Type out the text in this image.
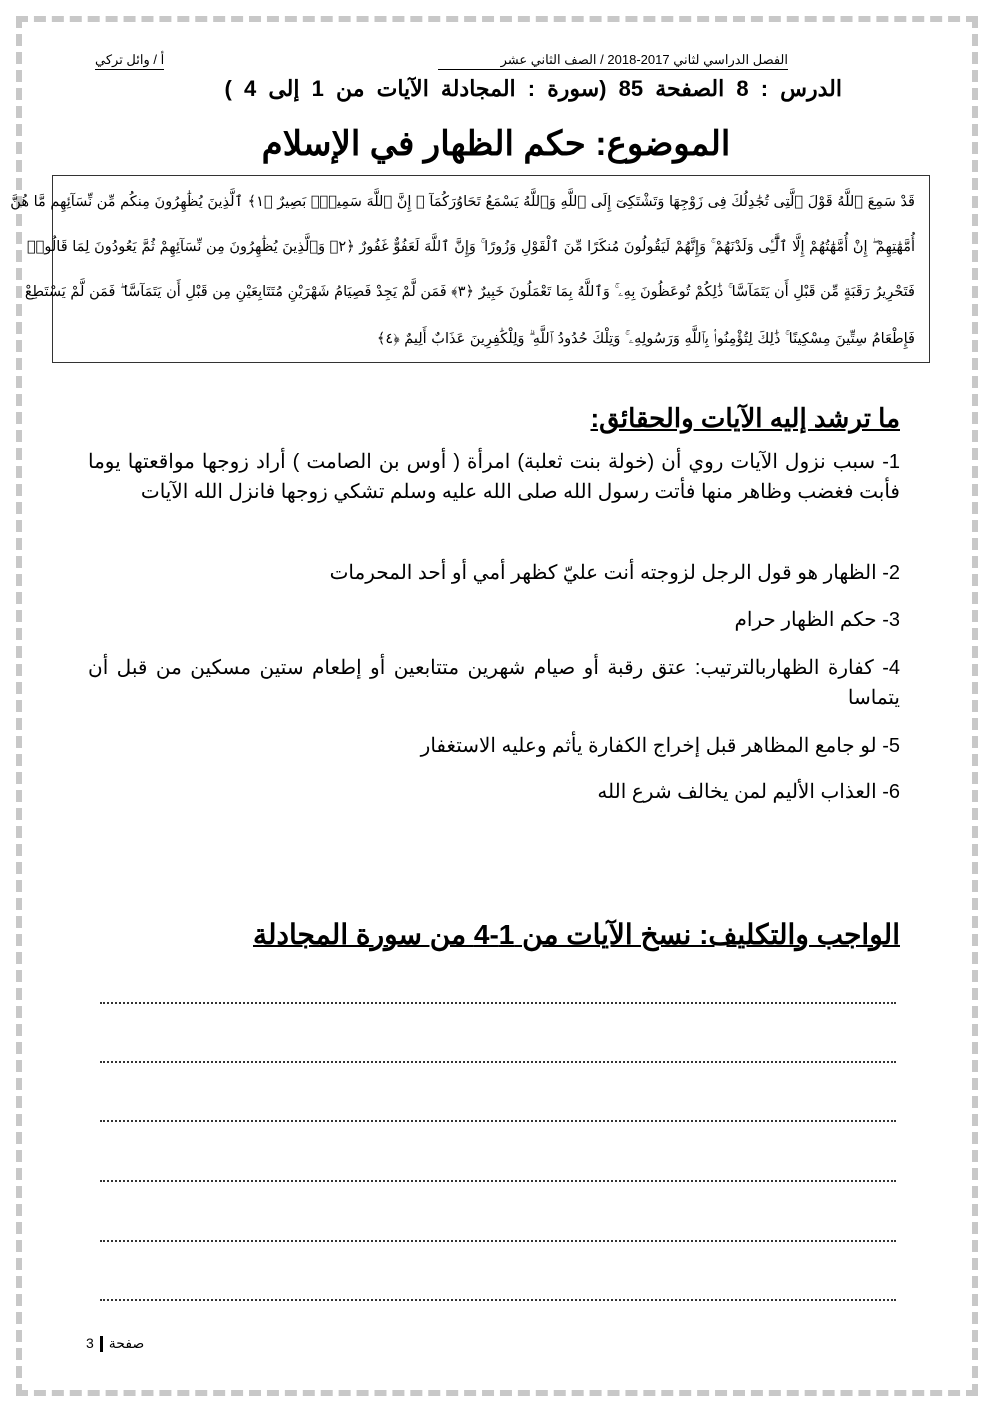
الفصل الدراسي لثاني 2017-2018 / الصف الثاني عشر
أ / وائل تركي
الدرس : 8 الصفحة 85 (سورة : المجادلة الآيات من 1 إلى 4 )
الموضوع: حكم الظهار في الإسلام
قَدْ سَمِعَ ٱللَّهُ قَوْلَ ٱلَّتِى تُجَٰدِلُكَ فِى زَوْجِهَا وَتَشْتَكِىٓ إِلَى ٱللَّهِ وَٱللَّهُ يَسْمَعُ تَحَاوُرَكُمَآ ۚ إِنَّ ٱللَّهَ سَمِيعٌۢ بَصِيرٌ ﴿١﴾ ٱلَّذِينَ يُظَٰهِرُونَ مِنكُم مِّن نِّسَآئِهِم مَّا هُنَّ
أُمَّهَٰتِهِمْ ۖ إِنْ أُمَّهَٰتُهُمْ إِلَّا ٱلَّٰٓـِٔى وَلَدْنَهُمْ ۚ وَإِنَّهُمْ لَيَقُولُونَ مُنكَرًا مِّنَ ٱلْقَوْلِ وَزُورًا ۚ وَإِنَّ ٱللَّهَ لَعَفُوٌّ غَفُورٌ ﴿٢﴾ وَٱلَّذِينَ يُظَٰهِرُونَ مِن نِّسَآئِهِمْ ثُمَّ يَعُودُونَ لِمَا قَالُوا۟
فَتَحْرِيرُ رَقَبَةٍ مِّن قَبْلِ أَن يَتَمَآسَّا ۚ ذَٰلِكُمْ تُوعَظُونَ بِهِۦ ۚ وَٱللَّهُ بِمَا تَعْمَلُونَ خَبِيرٌ ﴿٣﴾ فَمَن لَّمْ يَجِدْ فَصِيَامُ شَهْرَيْنِ مُتَتَابِعَيْنِ مِن قَبْلِ أَن يَتَمَآسَّا ۖ فَمَن لَّمْ يَسْتَطِعْ
فَإِطْعَامُ سِتِّينَ مِسْكِينًا ۚ ذَٰلِكَ لِتُؤْمِنُوا۟ بِٱللَّهِ وَرَسُولِهِۦ ۚ وَتِلْكَ حُدُودُ ٱللَّهِ ۗ وَلِلْكَٰفِرِينَ عَذَابٌ أَلِيمٌ ﴿٤﴾
ما ترشد إليه الآيات والحقائق:
1- سبب نزول الآيات روي أن (خولة بنت ثعلبة) امرأة ( أوس بن الصامت ) أراد زوجها مواقعتها يوما فأبت فغضب وظاهر منها فأتت رسول الله صلى الله عليه وسلم تشكي زوجها فانزل الله الآيات
2- الظهار هو قول الرجل لزوجته أنت عليّ كظهر أمي أو أحد المحرمات
3- حكم الظهار حرام
4- كفارة الظهاربالترتيب: عتق رقبة أو صيام شهرين متتابعين أو إطعام ستين مسكين من قبل أن يتماسا
5- لو جامع المظاهر قبل إخراج الكفارة يأثم وعليه الاستغفار
6- العذاب الأليم لمن يخالف شرع الله
الواجب والتكليف: نسخ الآيات من 1-4 من سورة المجادلة
صفحة3
